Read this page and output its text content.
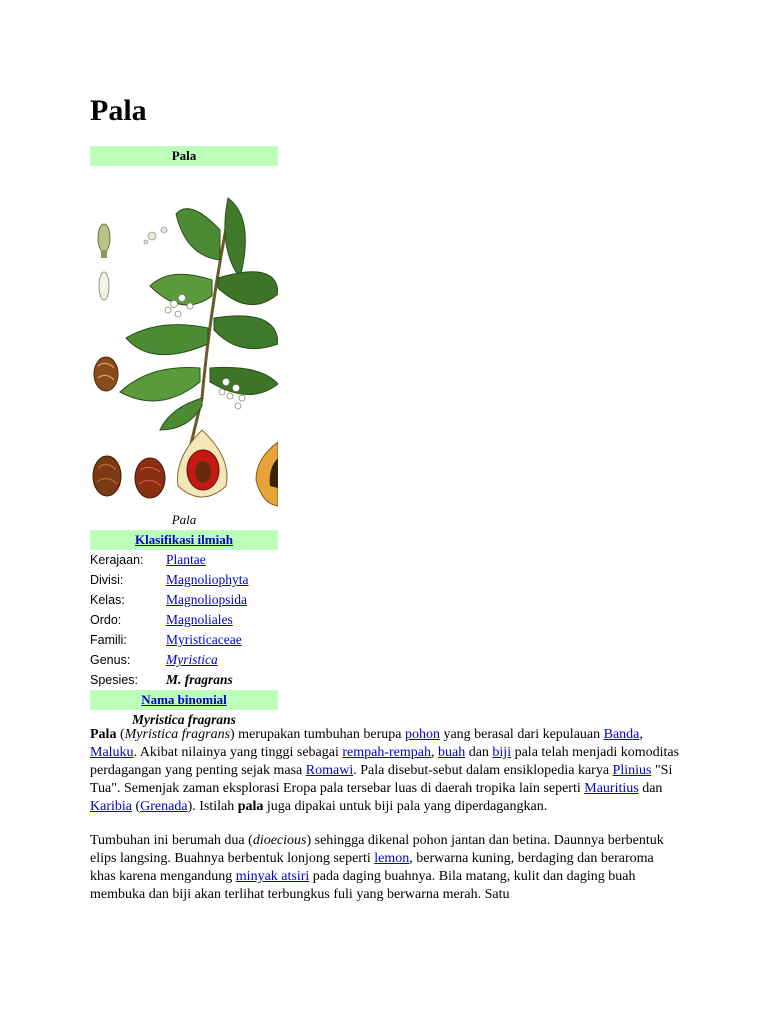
Pala
Pala
Pala
Klasifikasi ilmiah
Kerajaan:	Plantae
Divisi:	Magnoliophyta
Kelas:	Magnoliopsida
Ordo:	Magnoliales
Famili:	Myristicaceae
Genus:	Myristica
Spesies:	M. fragrans
Nama binomial
Myristica fragrans

Pala (Myristica fragrans) merupakan tumbuhan berupa pohon yang berasal dari kepulauan Banda, Maluku. Akibat nilainya yang tinggi sebagai rempah-rempah, buah dan biji pala telah menjadi komoditas perdagangan yang penting sejak masa Romawi. Pala disebut-sebut dalam ensiklopedia karya Plinius "Si Tua". Semenjak zaman eksplorasi Eropa pala tersebar luas di daerah tropika lain seperti Mauritius dan Karibia (Grenada). Istilah pala juga dipakai untuk biji pala yang diperdagangkan.

Tumbuhan ini berumah dua (dioecious) sehingga dikenal pohon jantan dan betina. Daunnya berbentuk elips langsing. Buahnya berbentuk lonjong seperti lemon, berwarna kuning, berdaging dan beraroma khas karena mengandung minyak atsiri pada daging buahnya. Bila matang, kulit dan daging buah membuka dan biji akan terlihat terbungkus fuli yang berwarna merah. Satu
